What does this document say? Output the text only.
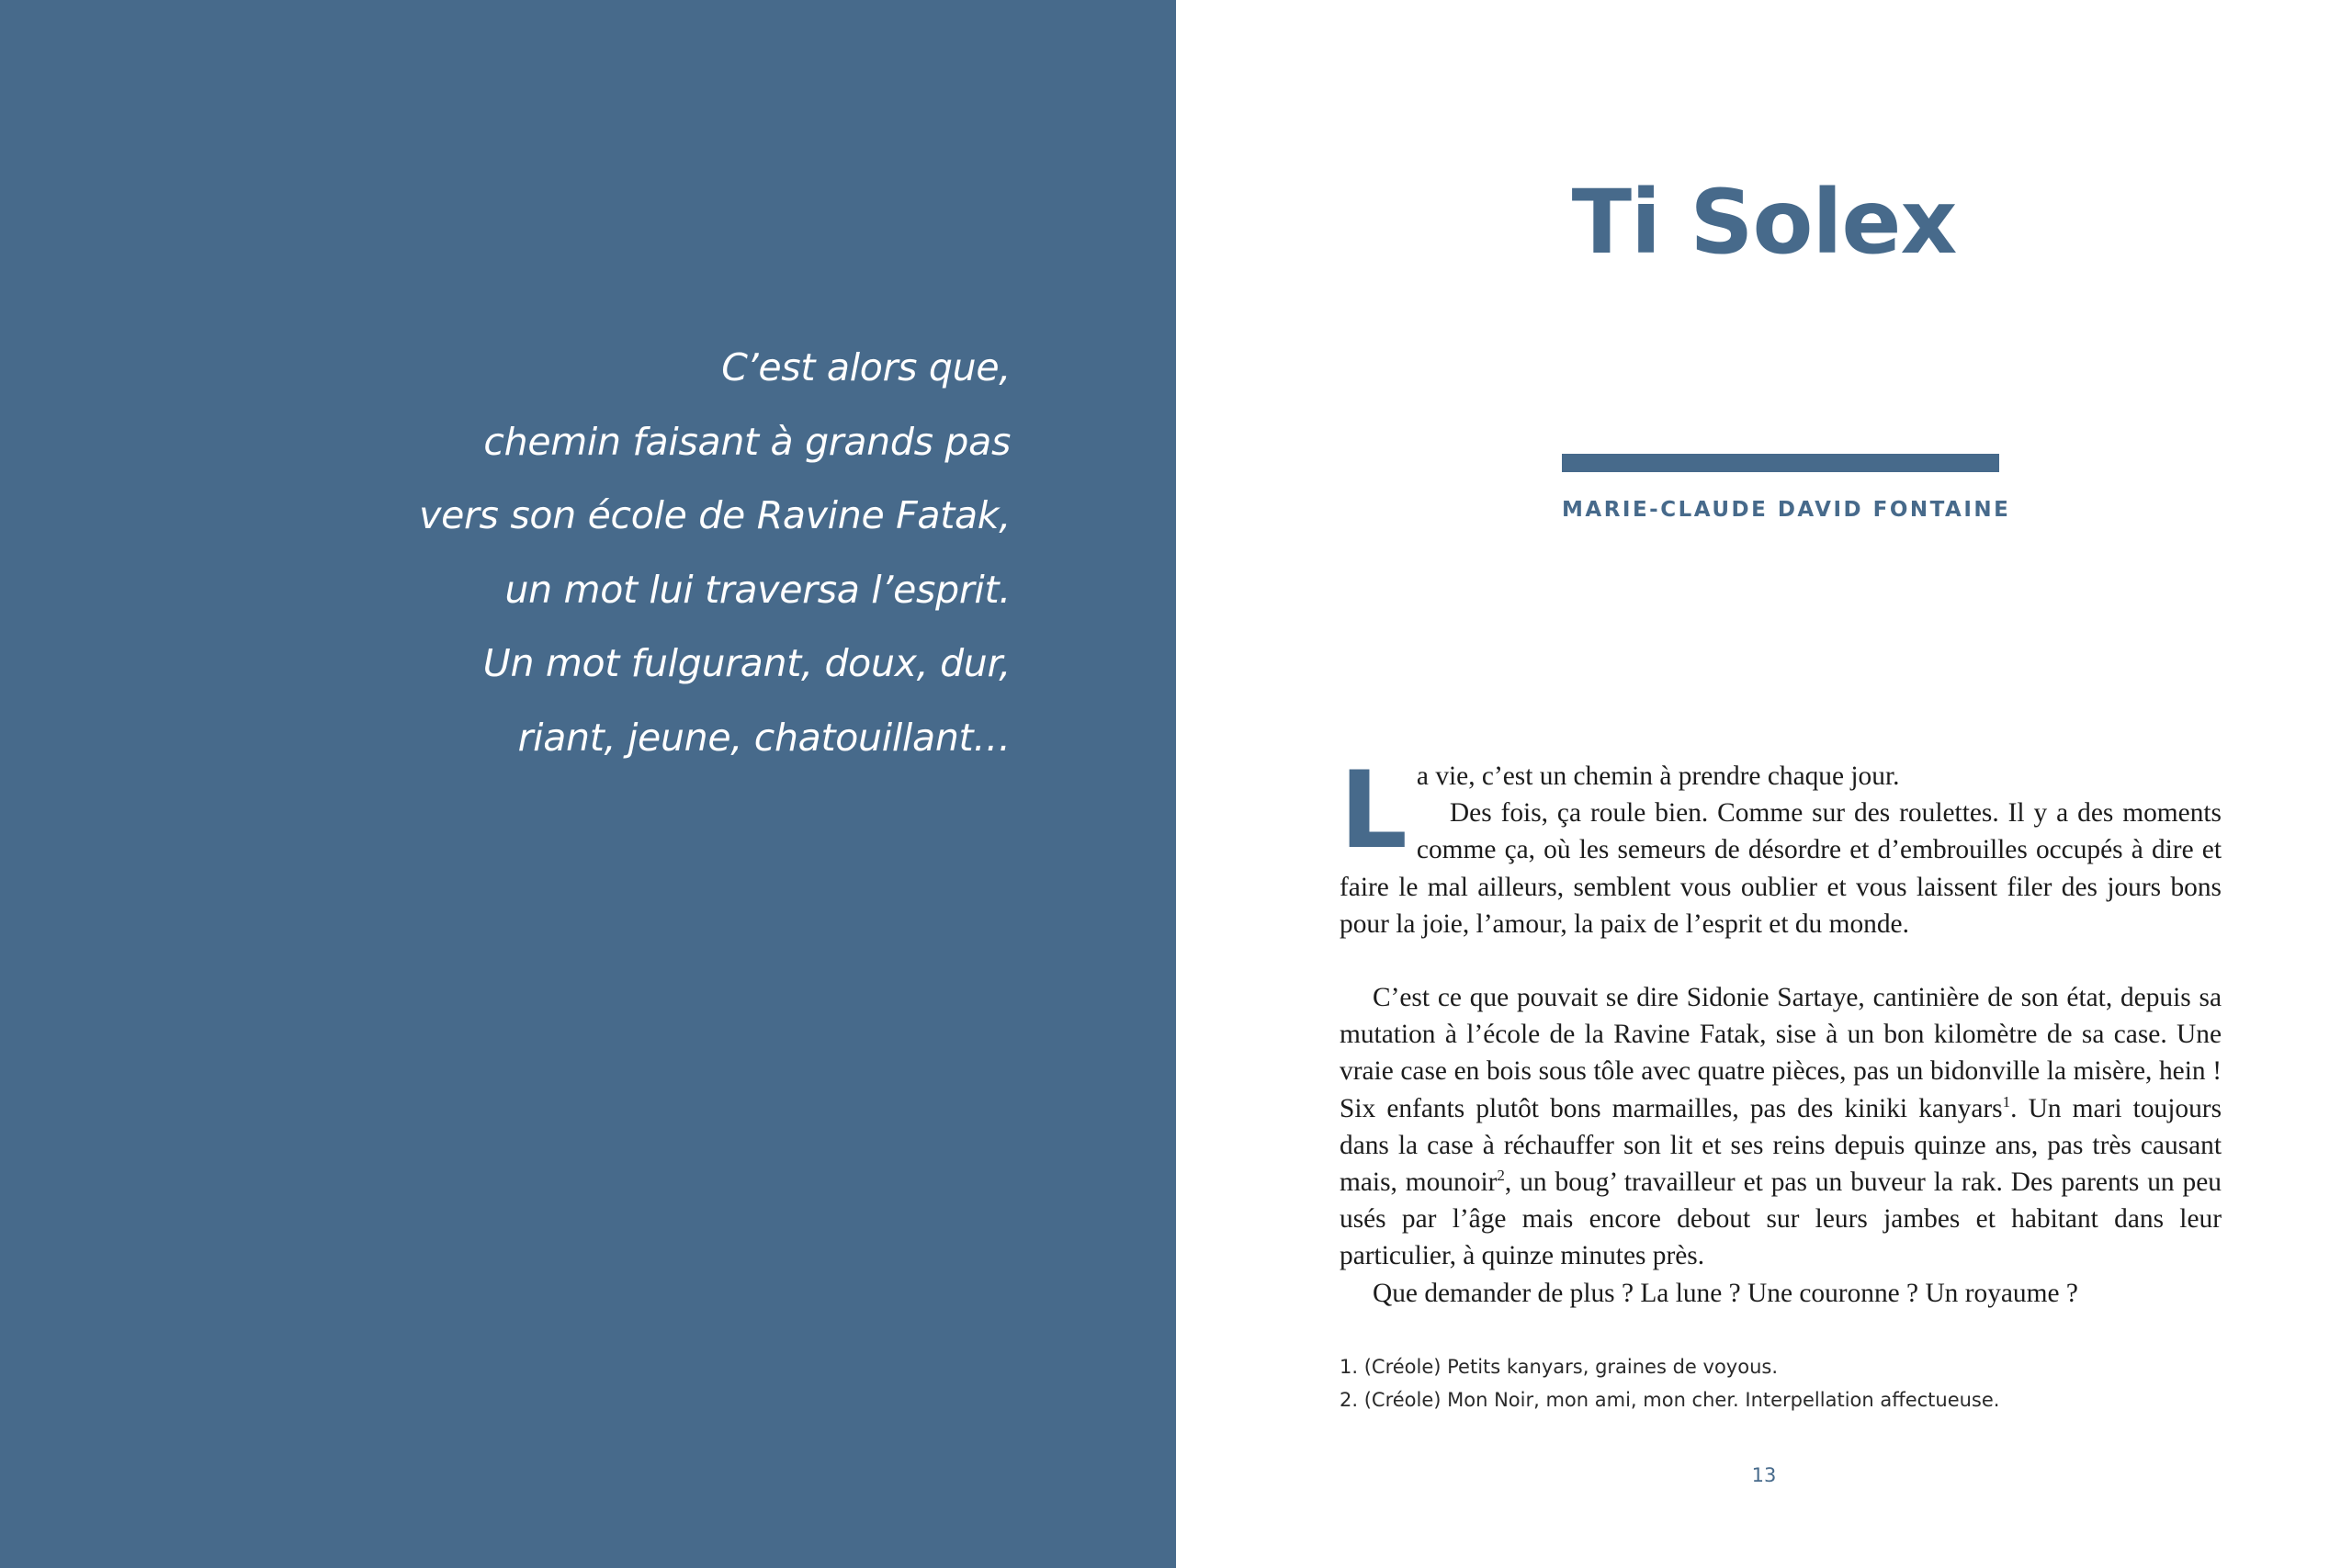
C’est alors que,
chemin faisant à grands pas
vers son école de Ravine Fatak,
un mot lui traversa l’esprit.
Un mot fulgurant, doux, dur,
riant, jeune, chatouillant…
Ti Solex
MARIE-CLAUDE DAVID FONTAINE

La vie, c’est un chemin à prendre chaque jour.

Des fois, ça roule bien. Comme sur des roulettes. Il y a des moments comme ça, où les semeurs de désordre et d’embrouilles occupés à dire et faire le mal ailleurs, semblent vous oublier et vous laissent filer des jours bons pour la joie, l’amour, la paix de l’esprit et du monde.

C’est ce que pouvait se dire Sidonie Sartaye, cantinière de son état, depuis sa mutation à l’école de la Ravine Fatak, sise à un bon kilomètre de sa case. Une vraie case en bois sous tôle avec quatre pièces, pas un bidonville la misère, hein ! Six enfants plutôt bons marmailles, pas des kiniki kanyars$^1$. Un mari toujours dans la case à réchauffer son lit et ses reins depuis quinze ans, pas très causant mais, mounoir$^2$, un boug’ travailleur et pas un buveur la rak. Des parents un peu usés par l’âge mais encore debout sur leurs jambes et habitant dans leur particulier, à quinze minutes près.

Que demander de plus ? La lune ? Une couronne ? Un royaume ?

1. (Créole) Petits kanyars, graines de voyous.
2. (Créole) Mon Noir, mon ami, mon cher. Interpellation affectueuse.
13
